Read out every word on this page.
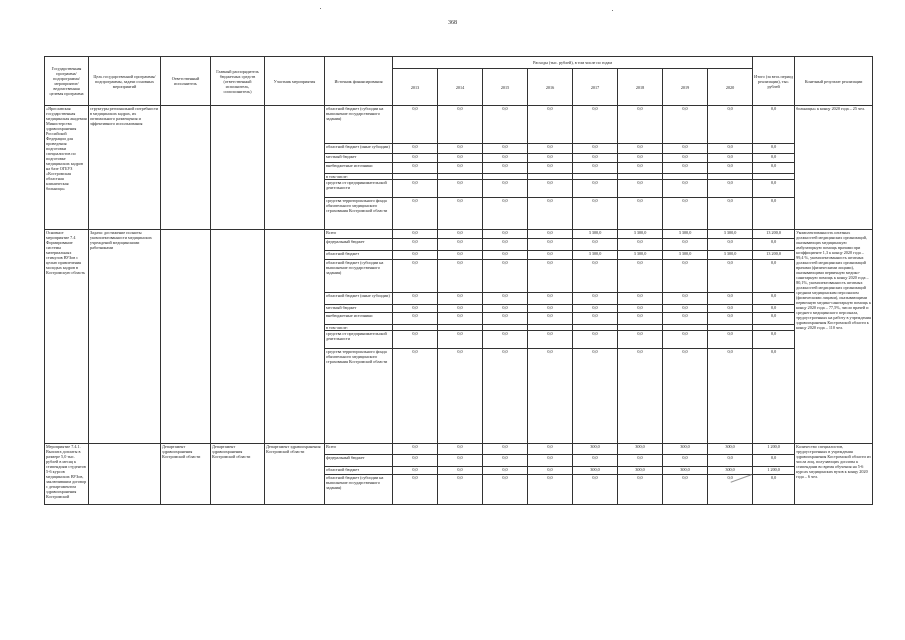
368
Государственная программа/подпрограмма/ мероприятие/ ведомственная целевая программа	Цель государственной программы/подпрограммы, задачи основных мероприятий	Ответственный исполнитель	Главный распорядитель бюджетных средств (ответственный исполнитель, соисполнитель)	Участник мероприятия	Источник финансирования	Расходы (тыс. рублей), в том числе по годам								Итого (за весь период реализации), тыс. рублей	Конечный результат реализации
						2013	2014	2015	2016	2017	2018	2019	2020		
«Ярославская государственная медицинская академия Министерства здравоохранения Российской Федерации для проведения подготовки специалистов по подготовке медицинских кадров на базе ОГБУЗ «Костромская областная клиническая больница»	структуры региональной потребности в медицинских кадрах, их оптимального размещения и эффективного использования				областной бюджет (субсидии на выполнение государственного задания)	0,0	0,0	0,0	0,0	0,0	0,0	0,0	0,0	0,0	больницы» к концу 2020 года – 25 чел.
					областной бюджет (иные субсидии)	0,0	0,0	0,0	0,0	0,0	0,0	0,0	0,0	0,0	
					местный бюджет	0,0	0,0	0,0	0,0	0,0	0,0	0,0	0,0	0,0	
					внебюджетные источники	0,0	0,0	0,0	0,0	0,0	0,0	0,0	0,0	0,0	
					в том числе:										
					средства от предпринимательской деятельности	0,0	0,0	0,0	0,0	0,0	0,0	0,0	0,0	0,0	
					средства территориального фонда обязательного медицинского страхования Костромской области	0,0	0,0	0,0	0,0	0,0	0,0	0,0	0,0	0,0	
Основное мероприятие 7.4 Формирование системы материальных стимулов ВУЗов с целью привлечения молодых кадров в Костромскую область	Задача: достижение полноты укомплектованности медицинских учреждений медицинскими работниками				Всего	0,0	0,0	0,0	0,0	3 300,0	3 300,0	3 300,0	3 300,0	13 200,0	Укомплектованность штатных должностей медицинских организаций, оказывающих медицинскую амбулаторную помощь врачами при коэффициенте 1,3 к концу 2020 года – 99,4 %, укомплектованность штатных должностей медицинских организаций врачами (физическими лицами), оказывающими первичную медико-санитарную помощь к концу 2020 года – 80,1%, укомплектованность штатных должностей медицинских организаций средним медицинским персоналом (физическими лицами), оказывающими первичную медико-санитарную помощь к концу 2020 года – 77,5%, число врачей и среднего медицинского персонала, трудоустроенных на работу в учреждения здравоохранения Костромской области к концу 2020 года – 110 чел.
					федеральный бюджет	0,0	0,0	0,0	0,0	0,0	0,0	0,0	0,0	0,0	
					областной бюджет	0,0	0,0	0,0	0,0	3 300,0	3 300,0	3 300,0	3 300,0	13 200,0	
					областной бюджет (субсидии на выполнение государственного задания)	0,0	0,0	0,0	0,0	0,0	0,0	0,0	0,0	0,0	
					областной бюджет (иные субсидии)	0,0	0,0	0,0	0,0	0,0	0,0	0,0	0,0	0,0	
					местный бюджет	0,0	0,0	0,0	0,0	0,0	0,0	0,0	0,0	0,0	
					внебюджетные источники	0,0	0,0	0,0	0,0	0,0	0,0	0,0	0,0	0,0	
					в том числе:										
					средства от предпринимательской деятельности	0,0	0,0	0,0	0,0	0,0	0,0	0,0	0,0	0,0	
					средства территориального фонда обязательного медицинского страхования Костромской области	0,0	0,0	0,0	0,0	0,0	0,0	0,0	0,0	0,0	
Мероприятие 7.4.1. Выплата доплаты в размере 5,0 тыс. рублей в месяц к стипендиям студентов 5-6 курсов медицинских ВУЗов, заключившим договор с департаментом здравоохранения Костромской		Департамент здравоохранения Костромской области	Департамент здравоохранения Костромской области	Департамент здравоохранения Костромской области	Всего	0,0	0,0	0,0	0,0	300,0	300,0	300,0	300,0	1 200,0	Количество специалистов, трудоустроенных в учреждения здравоохранения Костромской области из числа лиц, получающих доплаты к стипендиям во время обучения на 5-6 курсах медицинских вузов к концу 2020 года – 6 чел.
					федеральный бюджет	0,0	0,0	0,0	0,0	0,0	0,0	0,0	0,0	0,0	
					областной бюджет	0,0	0,0	0,0	0,0	300,0	300,0	300,0	300,0	1 200,0	
					областной бюджет (субсидии на выполнение государственного задания)	0,0	0,0	0,0	0,0	0,0	0,0	0,0	0,0	0,0	
